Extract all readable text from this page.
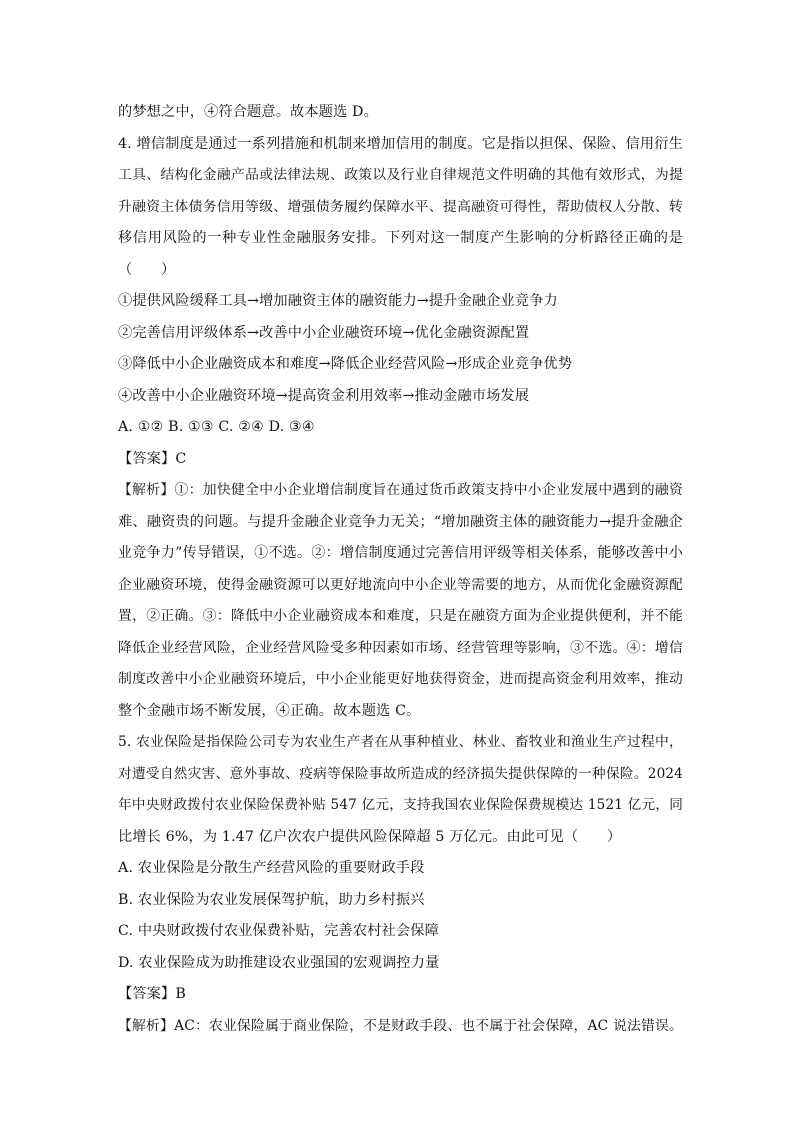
的梦想之中，④符合题意。故本题选 D。
4. 增信制度是通过一系列措施和机制来增加信用的制度。它是指以担保、保险、信用衍生
工具、结构化金融产品或法律法规、政策以及行业自律规范文件明确的其他有效形式，为提
升融资主体债务信用等级、增强债务履约保障水平、提高融资可得性，帮助债权人分散、转
移信用风险的一种专业性金融服务安排。下列对这一制度产生影响的分析路径正确的是
（　　）
①提供风险缓释工具→增加融资主体的融资能力→提升金融企业竞争力
②完善信用评级体系→改善中小企业融资环境→优化金融资源配置
③降低中小企业融资成本和难度→降低企业经营风险→形成企业竞争优势
④改善中小企业融资环境→提高资金利用效率→推动金融市场发展
A. ①② B. ①③ C. ②④ D. ③④
【答案】C
【解析】①：加快健全中小企业增信制度旨在通过货币政策支持中小企业发展中遇到的融资
难、融资贵的问题。与提升金融企业竞争力无关；“增加融资主体的融资能力→提升金融企
业竞争力”传导错误，①不选。②：增信制度通过完善信用评级等相关体系，能够改善中小
企业融资环境，使得金融资源可以更好地流向中小企业等需要的地方，从而优化金融资源配
置，②正确。③：降低中小企业融资成本和难度，只是在融资方面为企业提供便利，并不能
降低企业经营风险，企业经营风险受多种因素如市场、经营管理等影响，③不选。④：增信
制度改善中小企业融资环境后，中小企业能更好地获得资金，进而提高资金利用效率，推动
整个金融市场不断发展，④正确。故本题选 C。
5. 农业保险是指保险公司专为农业生产者在从事种植业、林业、畜牧业和渔业生产过程中，
对遭受自然灾害、意外事故、疫病等保险事故所造成的经济损失提供保障的一种保险。2024
年中央财政拨付农业保险保费补贴 547 亿元，支持我国农业保险保费规模达 1521 亿元，同
比增长 6%，为 1.47 亿户次农户提供风险保障超 5 万亿元。由此可见（　　）
A. 农业保险是分散生产经营风险的重要财政手段
B. 农业保险为农业发展保驾护航，助力乡村振兴
C. 中央财政拨付农业保费补贴，完善农村社会保障
D. 农业保险成为助推建设农业强国的宏观调控力量
【答案】B
【解析】AC：农业保险属于商业保险，不是财政手段、也不属于社会保障，AC 说法错误。
